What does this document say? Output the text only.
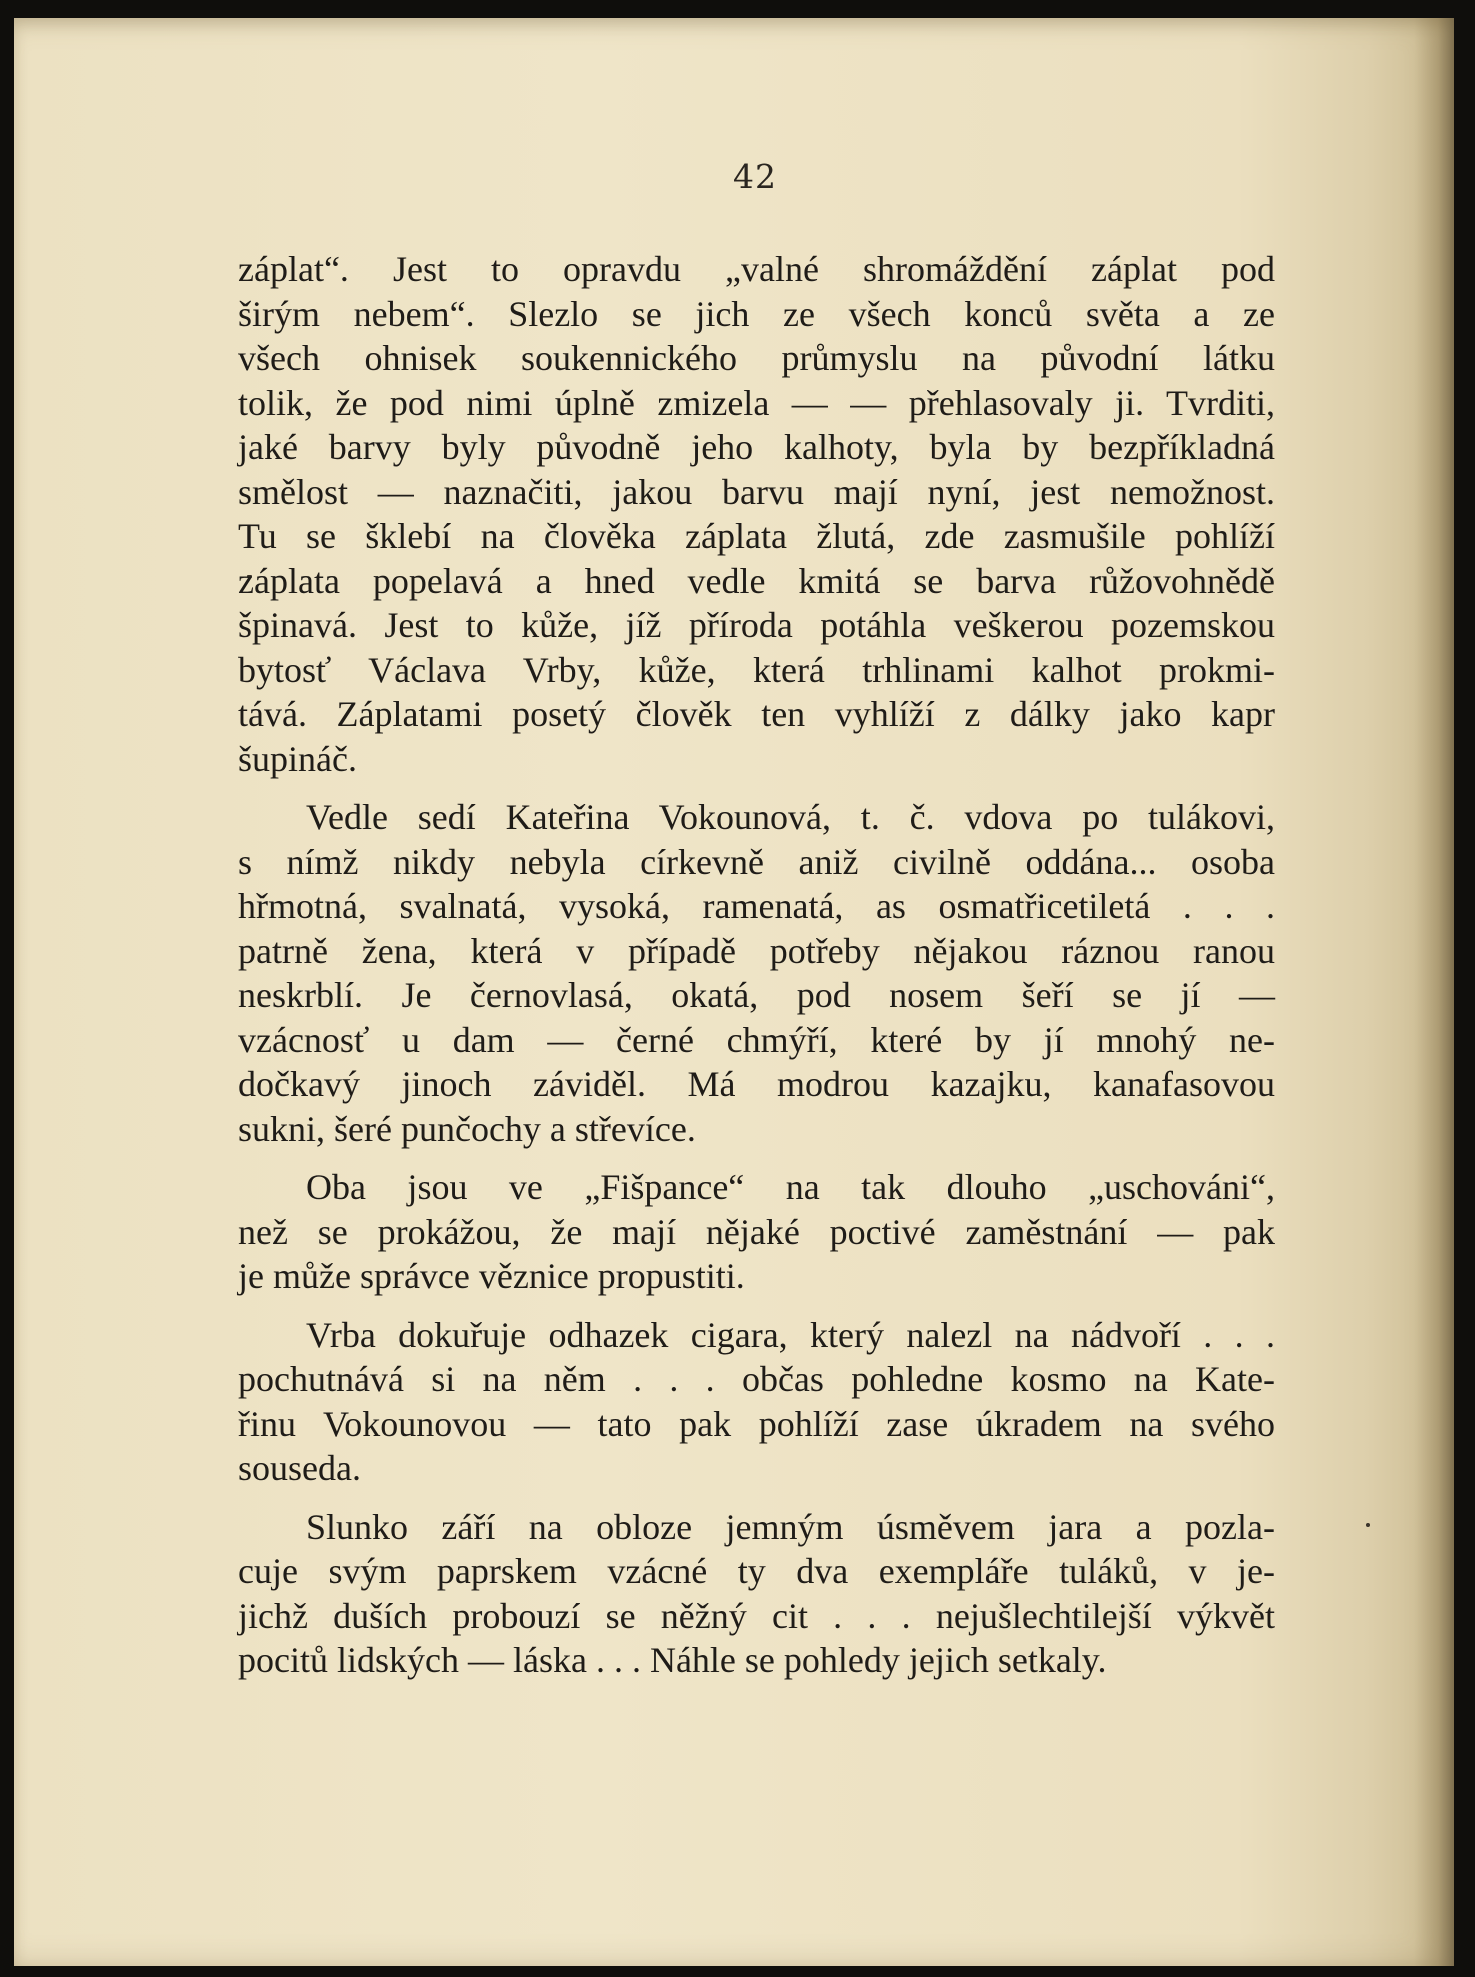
42
záplat“. Jest to opravdu „valné shromáždění záplat pod
širým nebem“. Slezlo se jich ze všech konců světa a ze
všech ohnisek soukennického průmyslu na původní látku
tolik, že pod nimi úplně zmizela — — přehlasovaly ji. Tvrditi,
jaké barvy byly původně jeho kalhoty, byla by bezpříkladná
smělost — naznačiti, jakou barvu mají nyní, jest nemožnost.
Tu se šklebí na člověka záplata žlutá, zde zasmušile pohlíží
záplata popelavá a hned vedle kmitá se barva růžovohnědě
špinavá. Jest to kůže, jíž příroda potáhla veškerou pozemskou
bytosť Václava Vrby, kůže, která trhlinami kalhot prokmi-
tává. Záplatami posetý člověk ten vyhlíží z dálky jako kapr
šupináč.
Vedle sedí Kateřina Vokounová, t. č. vdova po tulákovi,
s nímž nikdy nebyla církevně aniž civilně oddána... osoba
hřmotná, svalnatá, vysoká, ramenatá, as osmatřicetiletá . . .
patrně žena, která v případě potřeby nějakou ráznou ranou
neskrblí. Je černovlasá, okatá, pod nosem šeří se jí —
vzácnosť u dam — černé chmýří, které by jí mnohý ne-
dočkavý jinoch záviděl. Má modrou kazajku, kanafasovou
sukni, šeré punčochy a střevíce.
Oba jsou ve „Fišpance“ na tak dlouho „uschováni“,
než se prokážou, že mají nějaké poctivé zaměstnání — pak
je může správce věznice propustiti.
Vrba dokuřuje odhazek cigara, který nalezl na nádvoří . . .
pochutnává si na něm . . . občas pohledne kosmo na Kate-
řinu Vokounovou — tato pak pohlíží zase úkradem na svého
souseda.
Slunko září na obloze jemným úsměvem jara a pozla-
cuje svým paprskem vzácné ty dva exempláře tuláků, v je-
jichž duších probouzí se něžný cit . . . nejušlechtilejší výkvět
pocitů lidských — láska . . . Náhle se pohledy jejich setkaly.
